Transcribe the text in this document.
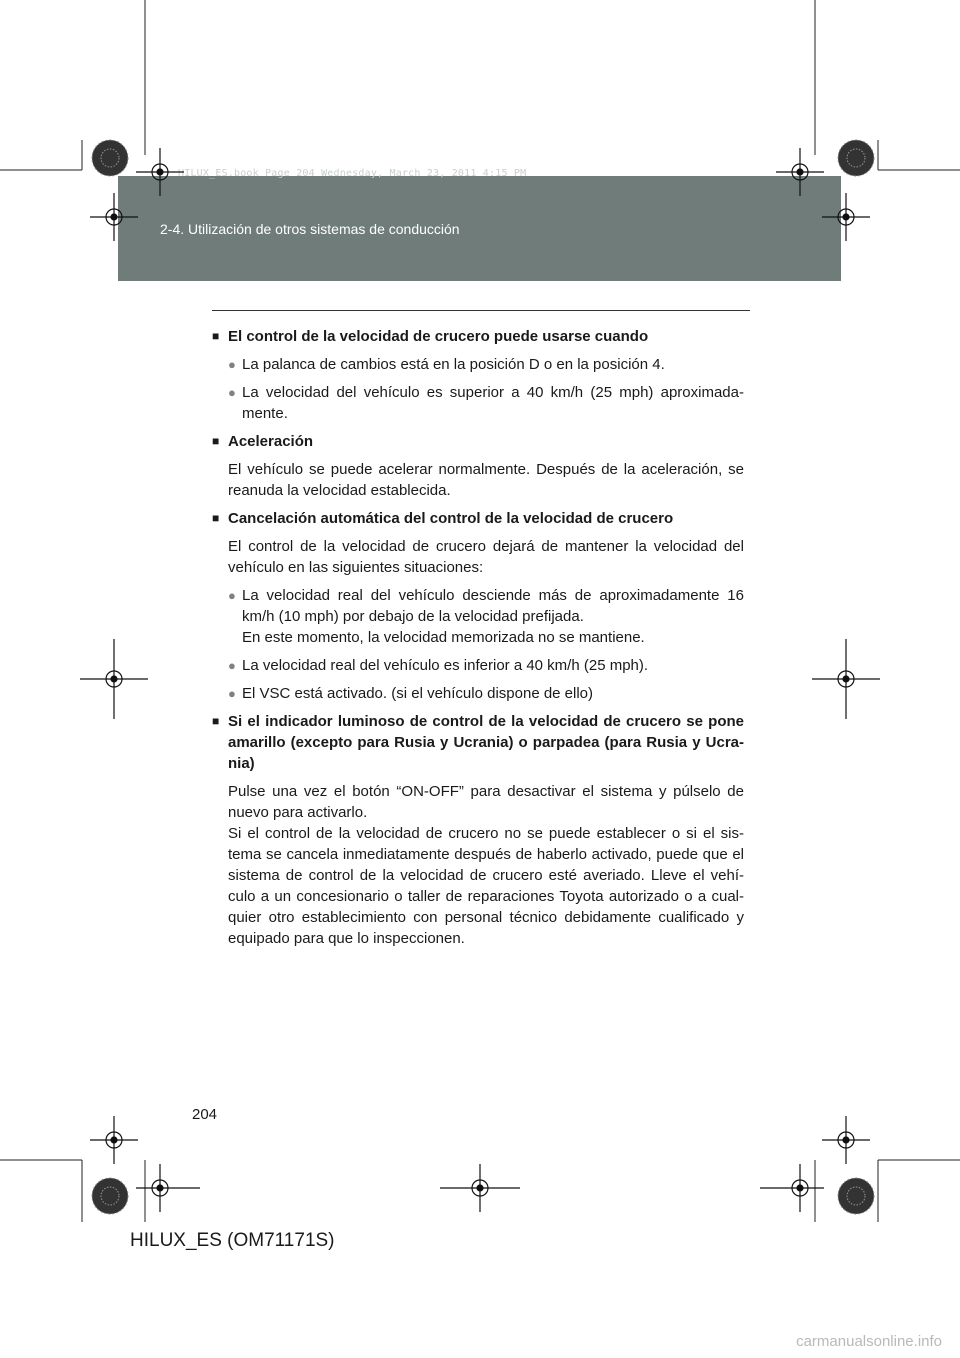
HILUX_ES.book Page 204 Wednesday, March 23, 2011 4:15 PM
2-4. Utilización de otros sistemas de conducción
■ El control de la velocidad de crucero puede usarse cuando
● La palanca de cambios está en la posición D o en la posición 4.
● La velocidad del vehículo es superior a 40 km/h (25 mph) aproximada-mente.
■ Aceleración
El vehículo se puede acelerar normalmente. Después de la aceleración, se reanuda la velocidad establecida.
■ Cancelación automática del control de la velocidad de crucero
El control de la velocidad de crucero dejará de mantener la velocidad del vehículo en las siguientes situaciones:
● La velocidad real del vehículo desciende más de aproximadamente 16 km/h (10 mph) por debajo de la velocidad prefijada.
En este momento, la velocidad memorizada no se mantiene.
● La velocidad real del vehículo es inferior a 40 km/h (25 mph).
● El VSC está activado. (si el vehículo dispone de ello)
■ Si el indicador luminoso de control de la velocidad de crucero se pone amarillo (excepto para Rusia y Ucrania) o parpadea (para Rusia y Ucra-nia)
Pulse una vez el botón “ON-OFF” para desactivar el sistema y púlselo de nuevo para activarlo.
Si el control de la velocidad de crucero no se puede establecer o si el sis-tema se cancela inmediatamente después de haberlo activado, puede que el sistema de control de la velocidad de crucero esté averiado. Lleve el vehí-culo a un concesionario o taller de reparaciones Toyota autorizado o a cual-quier otro establecimiento con personal técnico debidamente cualificado y equipado para que lo inspeccionen.
204
HILUX_ES (OM71171S)
carmanualsonline.info
